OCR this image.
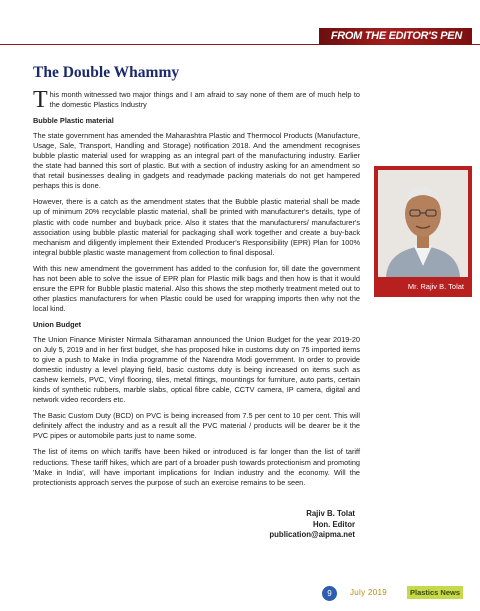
FROM THE EDITOR'S PEN
The Double Whammy

This month witnessed two major things and I am afraid to say none of them are of much help to the domestic Plastics Industry

Bubble Plastic material

The state government has amended the Maharashtra Plastic and Thermocol Products (Manufacture, Usage, Sale, Transport, Handling and Storage) notification 2018. And the amendment recognises bubble plastic material used for wrapping as an integral part of the manufacturing industry. Earlier the state had banned this sort of plastic. But with a section of industry asking for an amendment so that retail businesses dealing in gadgets and readymade packing materials do not get hampered perhaps this is done.

However, there is a catch as the amendment states that the Bubble plastic material shall be made up of minimum 20% recyclable plastic material, shall be printed with manufacturer's details, type of plastic with code number and buyback price. Also it states that the manufacturers/ manufacturer's association using bubble plastic material for packaging shall work together and create a buy-back mechanism and diligently implement their Extended Producer's Responsibility (EPR) Plan for 100% integral bubble plastic waste management from collection to final disposal.

With this new amendment the government has added to the confusion for, till date the government has not been able to solve the issue of EPR plan for Plastic milk bags and then how is that it would ensure the EPR for Bubble plastic material. Also this shows the step motherly treatment meted out to other plastics manufacturers for when Plastic could be used for wrapping imports then why not the local kind.

Union Budget

The Union Finance Minister Nirmala Sitharaman announced the Union Budget for the year 2019-20 on July 5, 2019 and in her first budget, she has proposed hike in customs duty on 75 imported items to give a push to Make in India programme of the Narendra Modi government. In order to provide domestic industry a level playing field, basic customs duty is being increased on items such as cashew kernels, PVC, Vinyl flooring, tiles, metal fittings, mountings for furniture, auto parts, certain kinds of synthetic rubbers, marble slabs, optical fibre cable, CCTV camera, IP camera, digital and network video recorders etc.

The Basic Custom Duty (BCD) on PVC is being increased from 7.5 per cent to 10 per cent. This will definitely affect the industry and as a result all the PVC material / products will be dearer be it the PVC pipes or automobile parts just to name some.

The list of items on which tariffs have been hiked or introduced is far longer than the list of tariff reductions. These tariff hikes, which are part of a broader push towards protectionism and promoting 'Make in India', will have important implications for Indian industry and the economy. Will the protectionists approach serves the purpose of such an exercise remains to be seen.

Rajiv B. Tolat
Hon. Editor
publication@aipma.net
Mr. Rajiv B. Tolat
9	July 2019	Plastics News
